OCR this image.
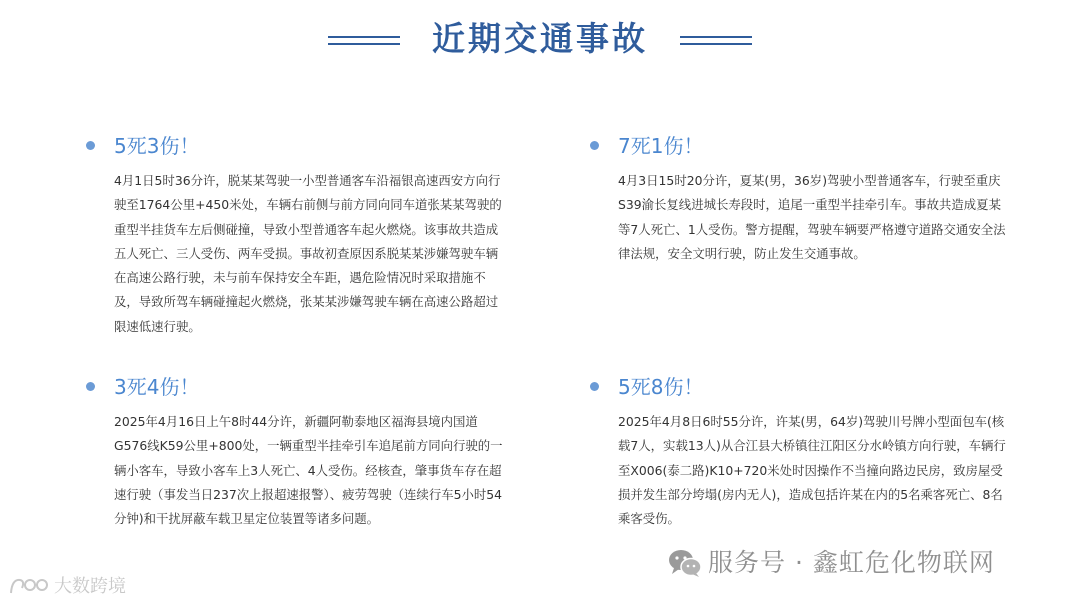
近期交通事故
5死3伤！

4月1日5时36分许，脱某某驾驶一小型普通客车沿福银高速西安方向行驶至1764公里+450米处，车辆右前侧与前方同向同车道张某某驾驶的重型半挂货车左后侧碰撞，导致小型普通客车起火燃烧。该事故共造成五人死亡、三人受伤、两车受损。事故初查原因系脱某某涉嫌驾驶车辆在高速公路行驶，未与前车保持安全车距，遇危险情况时采取措施不及，导致所驾车辆碰撞起火燃烧，张某某涉嫌驾驶车辆在高速公路超过限速低速行驶。

7死1伤！

4月3日15时20分许，夏某(男，36岁)驾驶小型普通客车，行驶至重庆S39渝长复线进城长寿段时，追尾一重型半挂牵引车。事故共造成夏某等7人死亡、1人受伤。警方提醒，驾驶车辆要严格遵守道路交通安全法律法规，安全文明行驶，防止发生交通事故。

3死4伤！

2025年4月16日上午8时44分许，新疆阿勒泰地区福海县境内国道G576线K59公里+800处，一辆重型半挂牵引车追尾前方同向行驶的一辆小客车，导致小客车上3人死亡、4人受伤。经核查，肇事货车存在超速行驶（事发当日237次上报超速报警）、疲劳驾驶（连续行车5小时54分钟)和干扰屏蔽车载卫星定位装置等诸多问题。

5死8伤！

2025年4月8日6时55分许，许某(男，64岁)驾驶川号牌小型面包车(核载7人，实载13人)从合江县大桥镇往江阳区分水岭镇方向行驶，车辆行至X006(泰二路)K10+720米处时因操作不当撞向路边民房，致房屋受损并发生部分垮塌(房内无人)，造成包括许某在内的5名乘客死亡、8名乘客受伤。

服务号 · 鑫虹危化物联网
大数跨境
